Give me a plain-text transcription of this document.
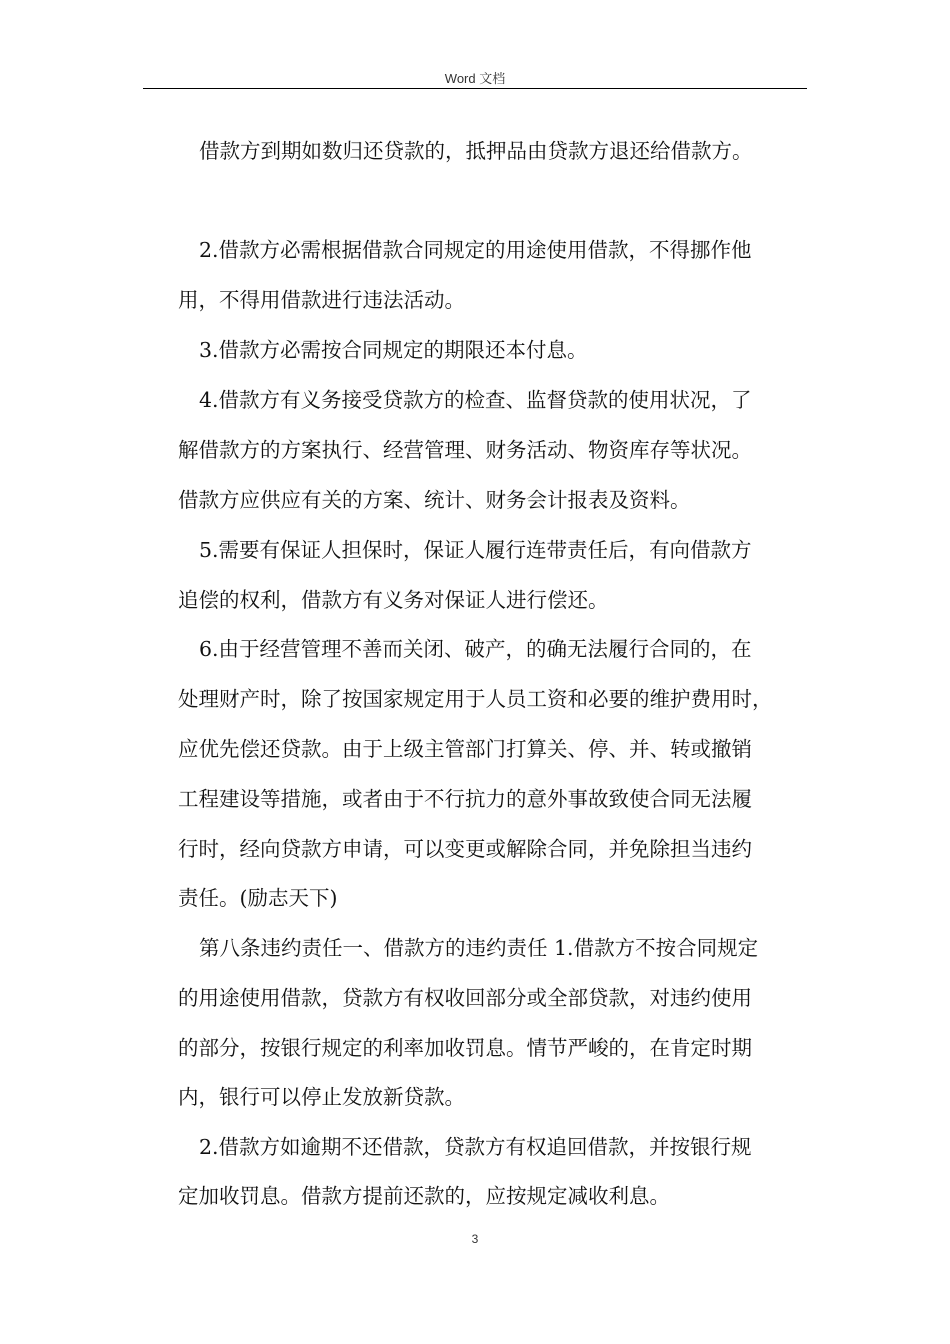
Word 文档

借款方到期如数归还贷款的，抵押品由贷款方退还给借款方。

2.借款方必需根据借款合同规定的用途使用借款，不得挪作他

用，不得用借款进行违法活动。

3.借款方必需按合同规定的期限还本付息。

4.借款方有义务接受贷款方的检查、监督贷款的使用状况，了

解借款方的方案执行、经营管理、财务活动、物资库存等状况。

借款方应供应有关的方案、统计、财务会计报表及资料。

5.需要有保证人担保时，保证人履行连带责任后，有向借款方

追偿的权利，借款方有义务对保证人进行偿还。

6.由于经营管理不善而关闭、破产，的确无法履行合同的，在

处理财产时，除了按国家规定用于人员工资和必要的维护费用时，

应优先偿还贷款。由于上级主管部门打算关、停、并、转或撤销

工程建设等措施，或者由于不行抗力的意外事故致使合同无法履

行时，经向贷款方申请，可以变更或解除合同，并免除担当违约

责任。(励志天下)

第八条违约责任一、借款方的违约责任 1.借款方不按合同规定

的用途使用借款，贷款方有权收回部分或全部贷款，对违约使用

的部分，按银行规定的利率加收罚息。情节严峻的，在肯定时期

内，银行可以停止发放新贷款。

2.借款方如逾期不还借款，贷款方有权追回借款，并按银行规

定加收罚息。借款方提前还款的，应按规定减收利息。

3
